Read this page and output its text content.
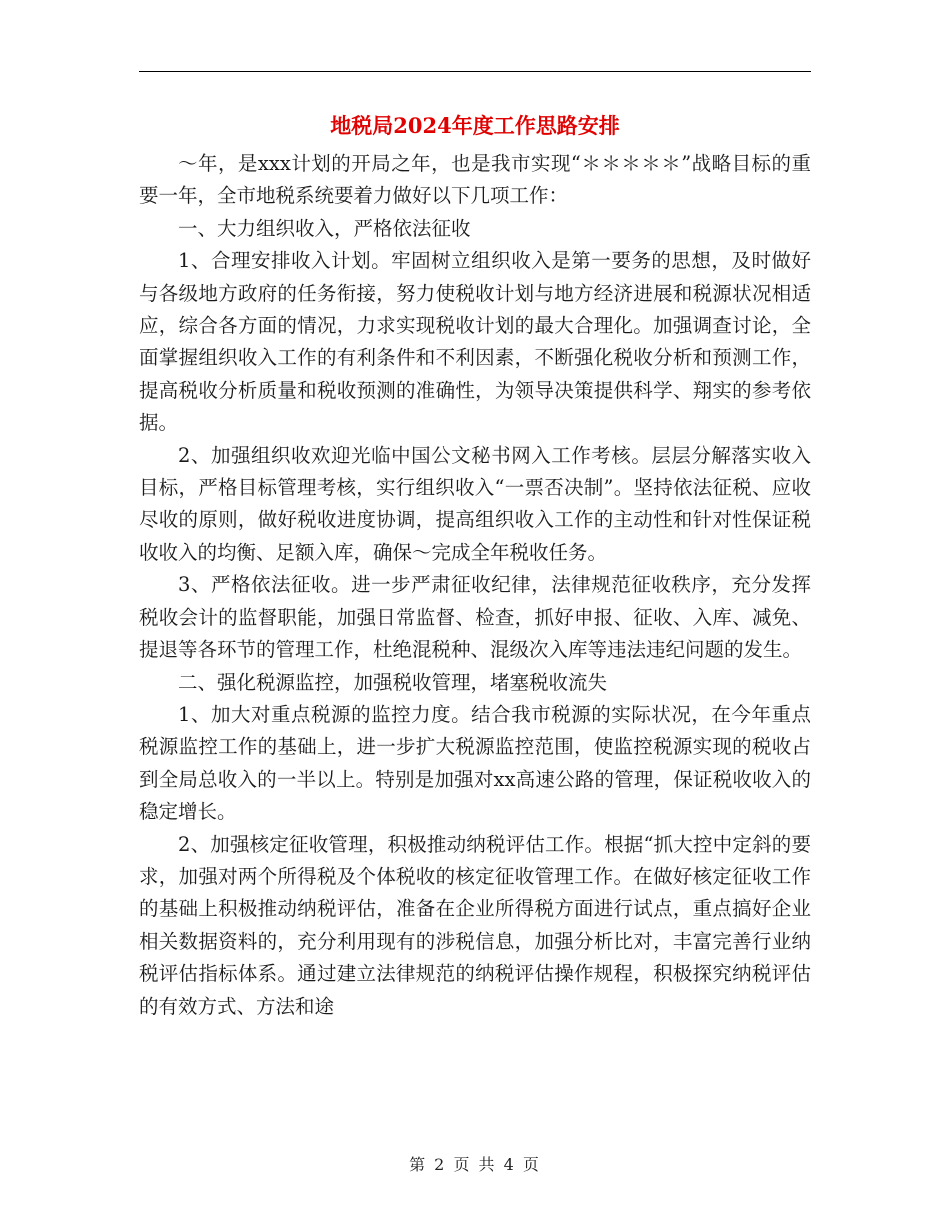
地税局2024年度工作思路安排

～年，是xxx计划的开局之年，也是我市实现“＊＊＊＊＊”战略目标的重要一年，全市地税系统要着力做好以下几项工作：

一、大力组织收入，严格依法征收

1、合理安排收入计划。牢固树立组织收入是第一要务的思想，及时做好与各级地方政府的任务衔接，努力使税收计划与地方经济进展和税源状况相适应，综合各方面的情况，力求实现税收计划的最大合理化。加强调查讨论，全面掌握组织收入工作的有利条件和不利因素，不断强化税收分析和预测工作，提高税收分析质量和税收预测的准确性，为领导决策提供科学、翔实的参考依据。

2、加强组织收欢迎光临中国公文秘书网入工作考核。层层分解落实收入目标，严格目标管理考核，实行组织收入“一票否决制”。坚持依法征税、应收尽收的原则，做好税收进度协调，提高组织收入工作的主动性和针对性保证税收收入的均衡、足额入库，确保～完成全年税收任务。

3、严格依法征收。进一步严肃征收纪律，法律规范征收秩序，充分发挥税收会计的监督职能，加强日常监督、检查，抓好申报、征收、入库、减免、提退等各环节的管理工作，杜绝混税种、混级次入库等违法违纪问题的发生。

二、强化税源监控，加强税收管理，堵塞税收流失

1、加大对重点税源的监控力度。结合我市税源的实际状况，在今年重点税源监控工作的基础上，进一步扩大税源监控范围，使监控税源实现的税收占到全局总收入的一半以上。特别是加强对xx高速公路的管理，保证税收收入的稳定增长。

2、加强核定征收管理，积极推动纳税评估工作。根据“抓大控中定斜的要求，加强对两个所得税及个体税收的核定征收管理工作。在做好核定征收工作的基础上积极推动纳税评估，准备在企业所得税方面进行试点，重点搞好企业相关数据资料的，充分利用现有的涉税信息，加强分析比对，丰富完善行业纳税评估指标体系。通过建立法律规范的纳税评估操作规程，积极探究纳税评估的有效方式、方法和途

第 2 页 共 4 页
